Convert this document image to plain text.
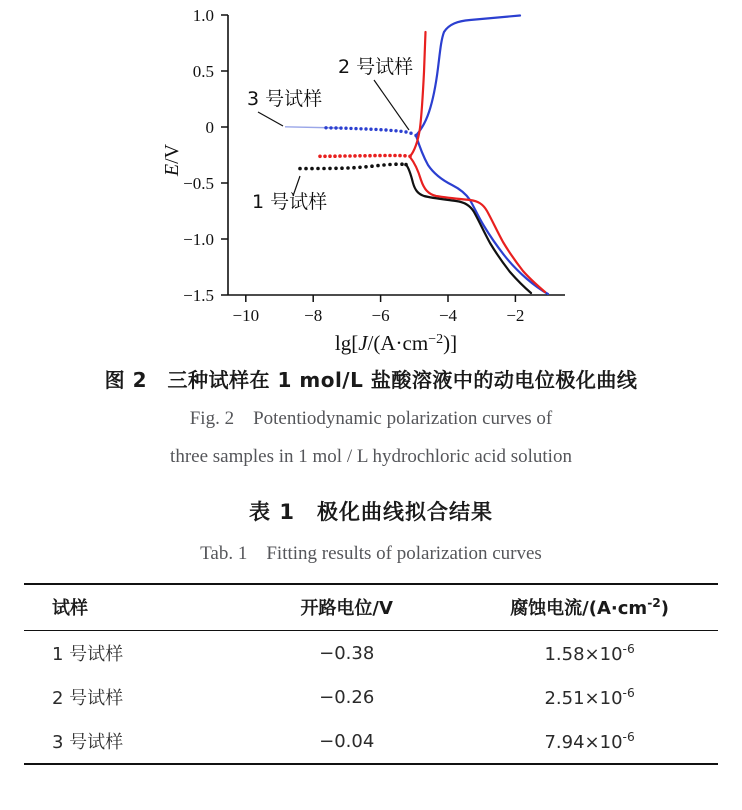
−1.5
−1.0
−0.5
0
0.5
1.0
−10	−8	−6	−4	−2
E/V
3 号试样
2 号试样
1 号试样
$\lg[J/(A\cdot cm^{-2})]$
图 2　三种试样在 1 mol/L 盐酸溶液中的动电位极化曲线
Fig. 2　Potentiodynamic polarization curves of
three samples in 1 mol / L hydrochloric acid solution
表 1　极化曲线拟合结果
Tab. 1　Fitting results of polarization curves
试样	开路电位/V	腐蚀电流$/(A\cdot cm^{-2})$
1 号试样	−0.38	$1.58\times 10^{-6}$
2 号试样	−0.26	$2.51\times 10^{-6}$
3 号试样	−0.04	$7.94\times 10^{-6}$
